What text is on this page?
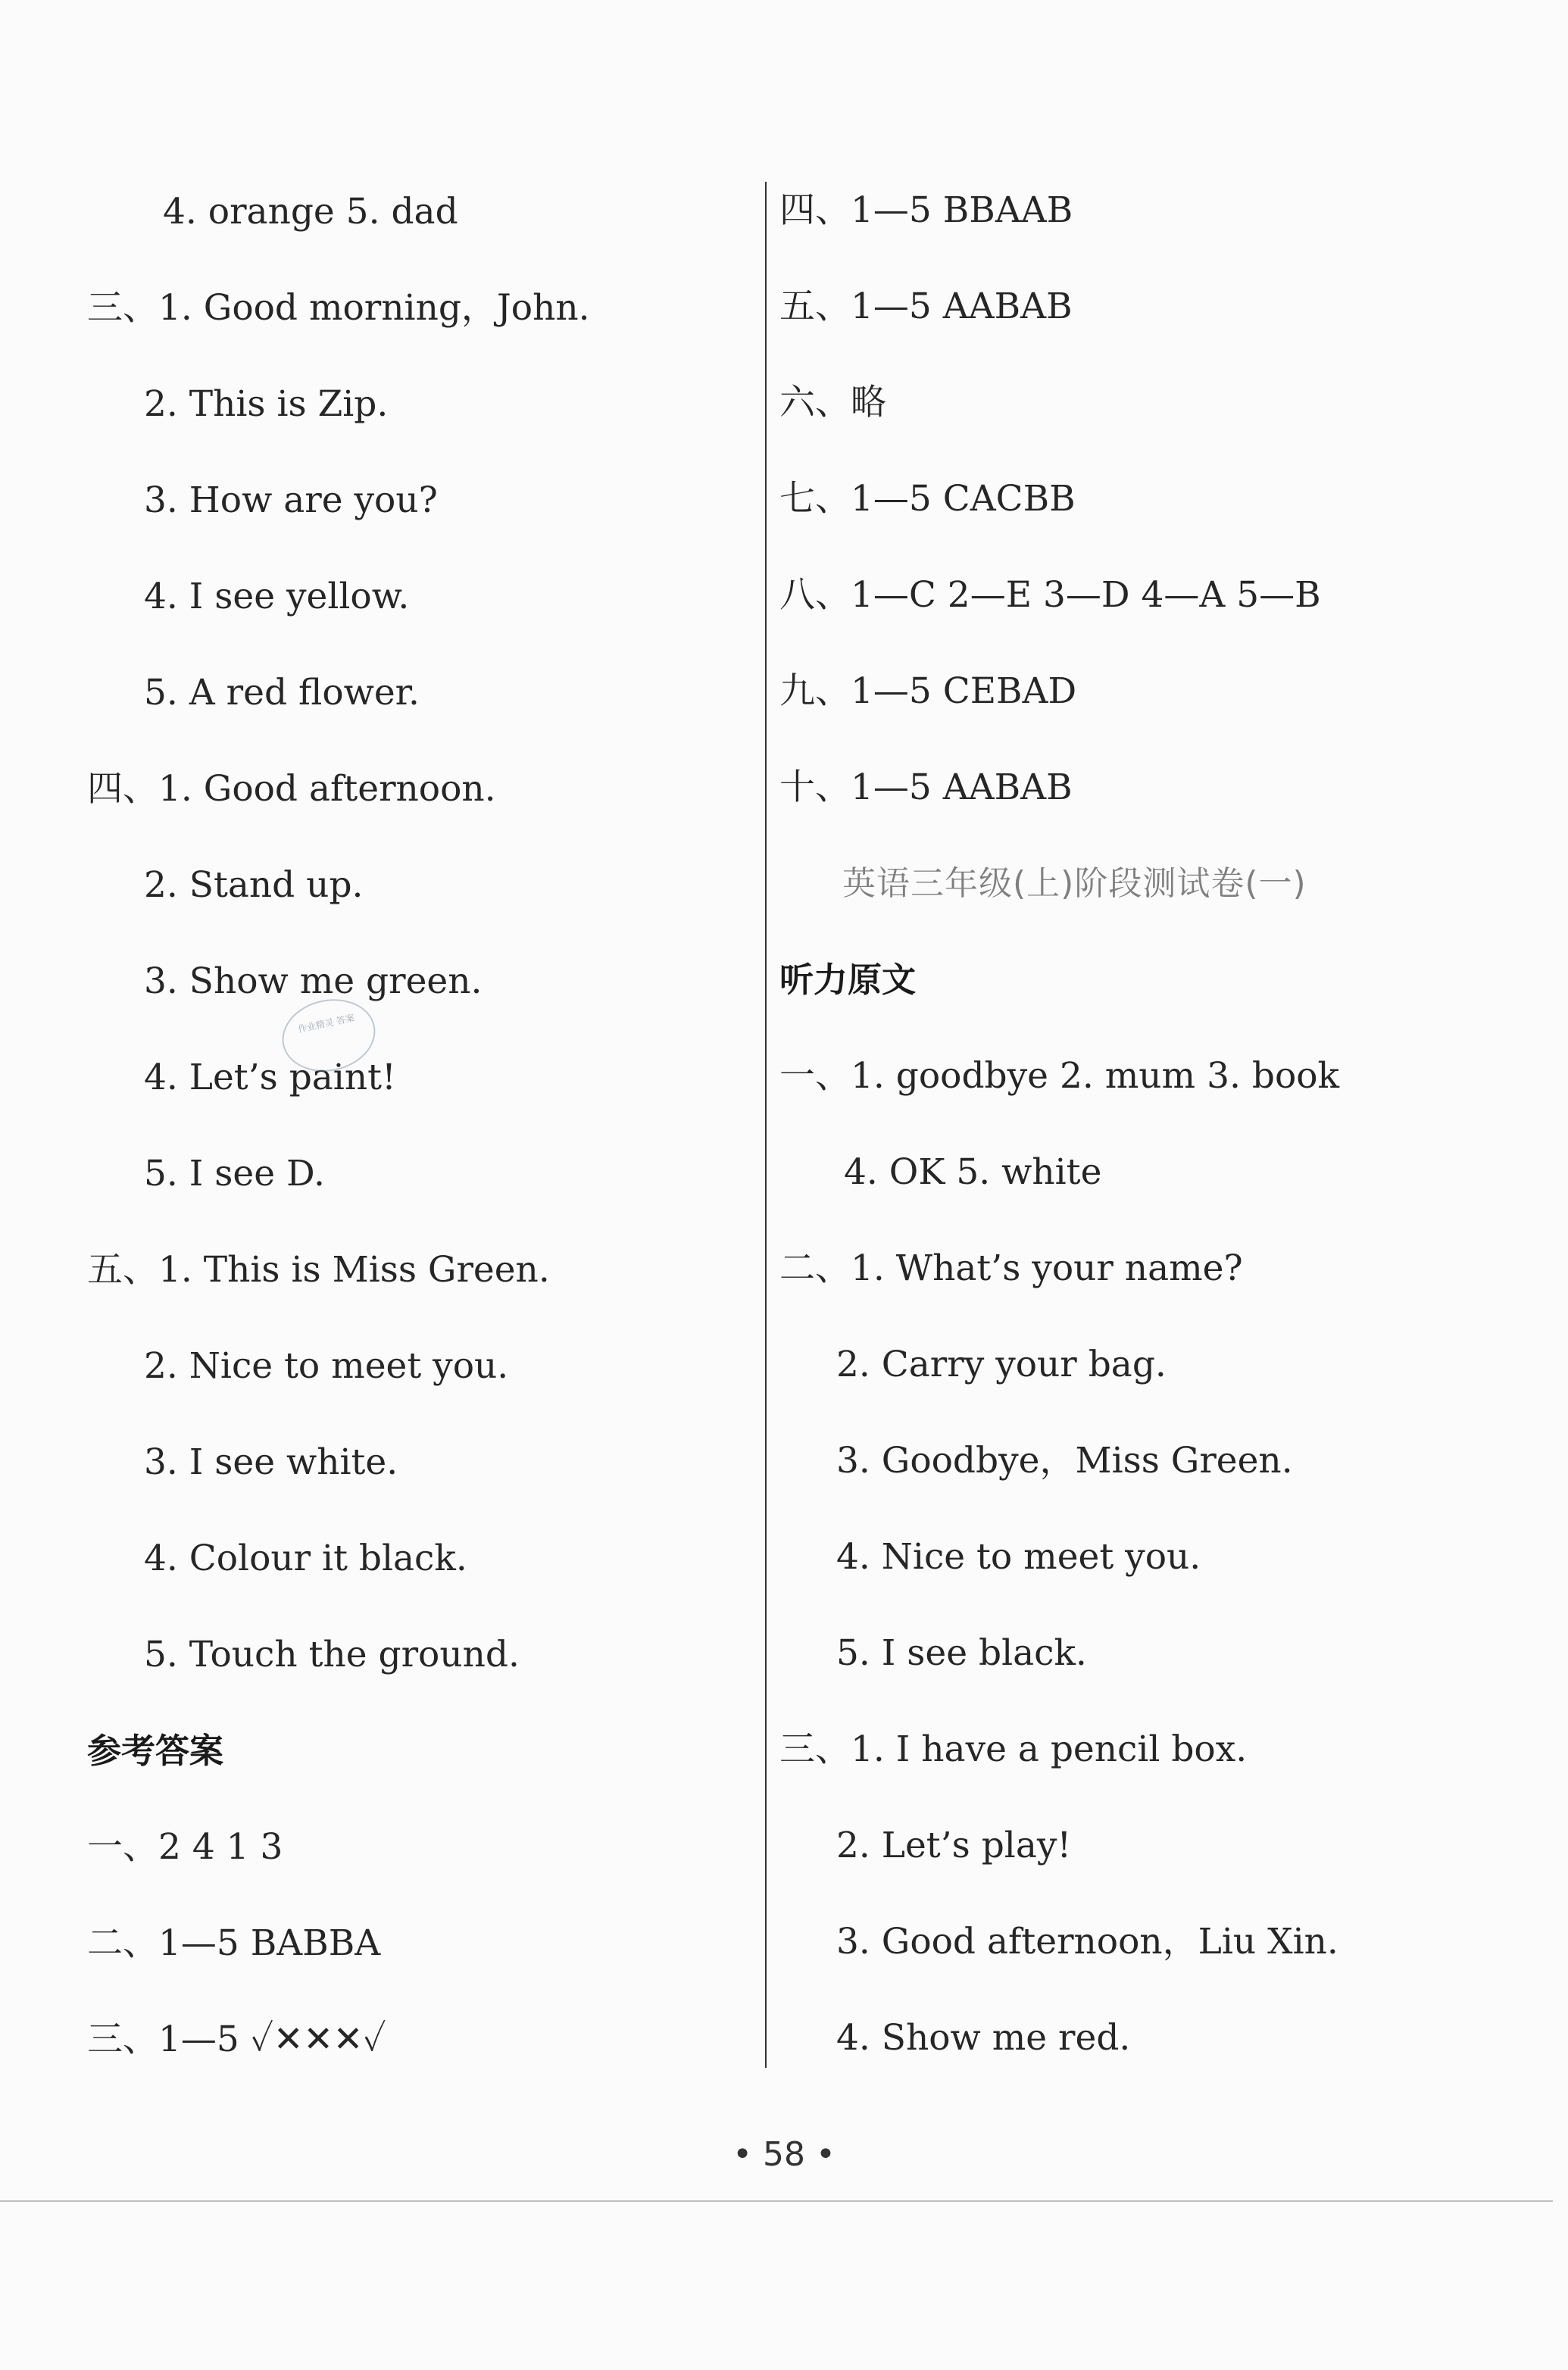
4. orange 5. dad
三、1. Good morning，John.
2. This is Zip.
3. How are you?
4. I see yellow.
5. A red flower.
四、1. Good afternoon.
2. Stand up.
3. Show me green.
4. Let’s paint!
5. I see D.
五、1. This is Miss Green.
2. Nice to meet you.
3. I see white.
4. Colour it black.
5. Touch the ground.
参考答案
一、2 4 1 3
二、1—5 BABBA
三、1—5 ✓✕✕✕✓
作业精灵 答案
四、1—5 BBAAB
五、1—5 AABAB
六、略
七、1—5 CACBB
八、1—C 2—E 3—D 4—A 5—B
九、1—5 CEBAD
十、1—5 AABAB
英语三年级(上)阶段测试卷(一)
听力原文
一、1. goodbye 2. mum 3. book
4. OK 5. white
二、1. What’s your name?
2. Carry your bag.
3. Goodbye，Miss Green.
4. Nice to meet you.
5. I see black.
三、1. I have a pencil box.
2. Let’s play!
3. Good afternoon，Liu Xin.
4. Show me red.
• 58 •
